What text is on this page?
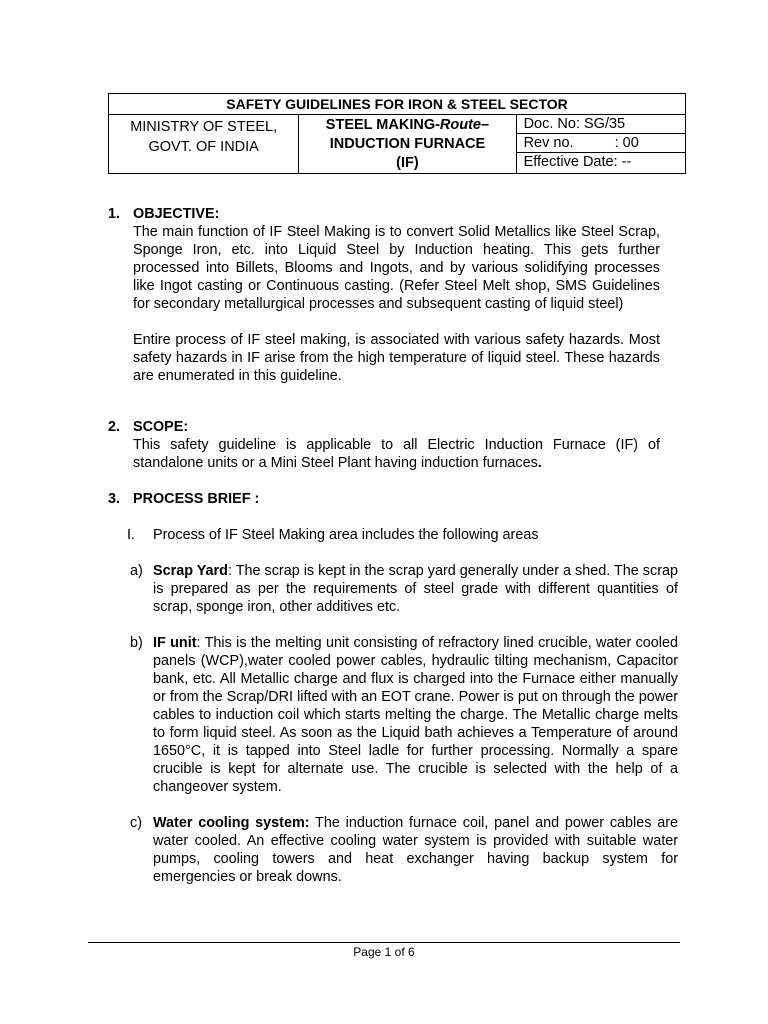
SAFETY GUIDELINES FOR IRON & STEEL SECTOR

MINISTRY OF STEEL,
GOVT. OF INDIA

STEEL MAKING-Route–
INDUCTION FURNACE
(IF)

Doc. No: SG/35
Rev no.	: 00
Effective Date: --
1. OBJECTIVE:

The main function of IF Steel Making is to convert Solid Metallics like Steel Scrap, Sponge Iron, etc. into Liquid Steel by Induction heating. This gets further processed into Billets, Blooms and Ingots, and by various solidifying processes like Ingot casting or Continuous casting. (Refer Steel Melt shop, SMS Guidelines for secondary metallurgical processes and subsequent casting of liquid steel)

Entire process of IF steel making, is associated with various safety hazards. Most safety hazards in IF arise from the high temperature of liquid steel. These hazards are enumerated in this guideline.

2. SCOPE:

This safety guideline is applicable to all Electric Induction Furnace (IF) of standalone units or a Mini Steel Plant having induction furnaces.

3. PROCESS BRIEF :
I. Process of IF Steel Making area includes the following areas
a) Scrap Yard: The scrap is kept in the scrap yard generally under a shed. The scrap is prepared as per the requirements of steel grade with different quantities of scrap, sponge iron, other additives etc.
b) IF unit: This is the melting unit consisting of refractory lined crucible, water cooled panels (WCP),water cooled power cables, hydraulic tilting mechanism, Capacitor bank, etc. All Metallic charge and flux is charged into the Furnace either manually or from the Scrap/DRI lifted with an EOT crane. Power is put on through the power cables to induction coil which starts melting the charge. The Metallic charge melts to form liquid steel. As soon as the Liquid bath achieves a Temperature of around 1650°C, it is tapped into Steel ladle for further processing. Normally a spare crucible is kept for alternate use. The crucible is selected with the help of a changeover system.
c) Water cooling system: The induction furnace coil, panel and power cables are water cooled. An effective cooling water system is provided with suitable water pumps, cooling towers and heat exchanger having backup system for emergencies or break downs.
Page 1 of 6
